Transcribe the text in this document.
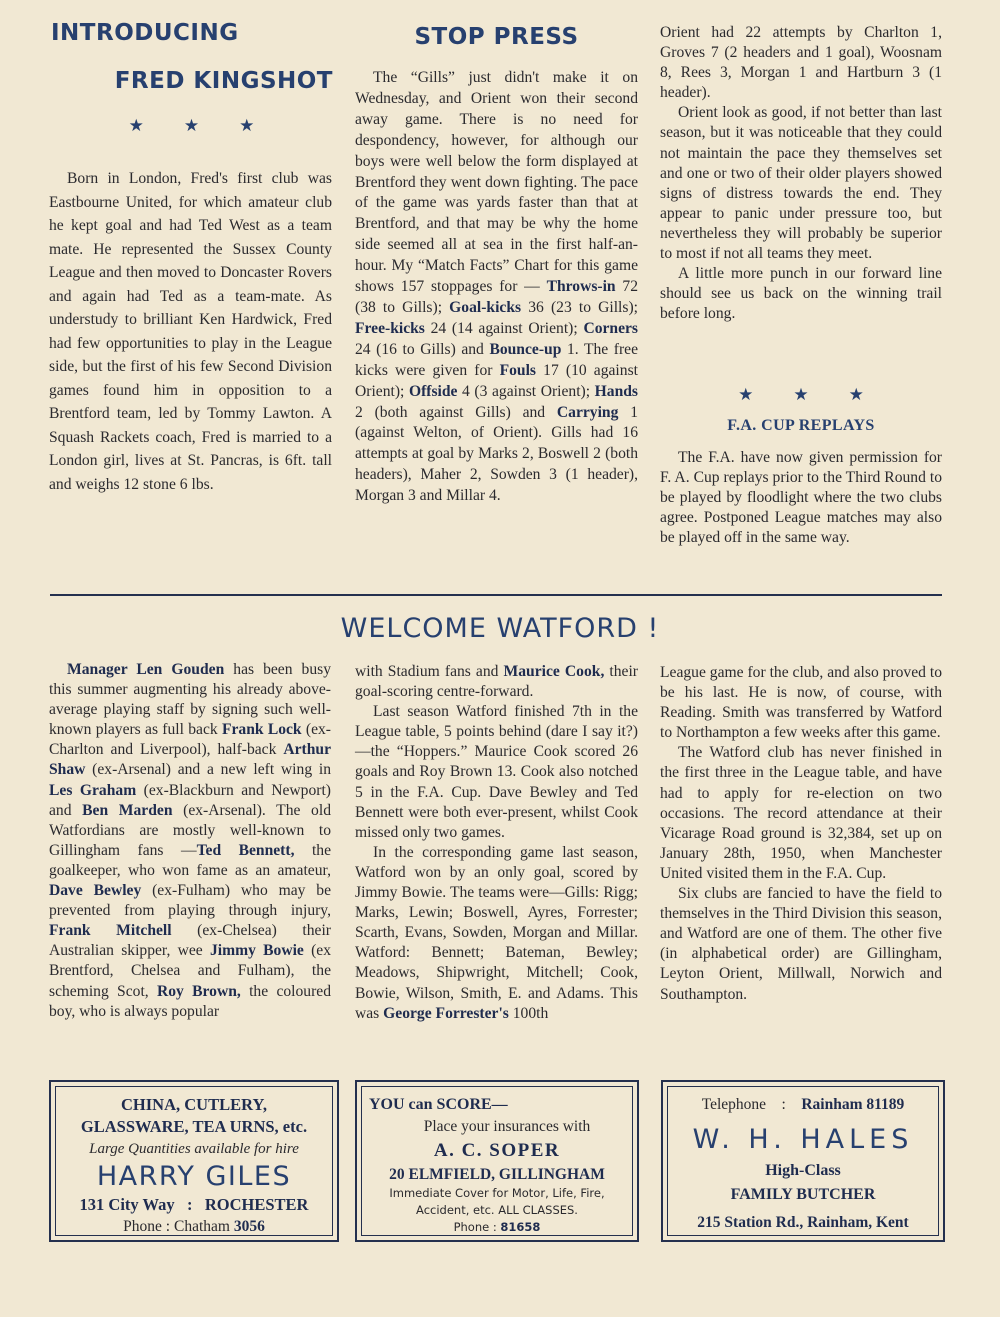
INTRODUCING
FRED KINGSHOT
★ ★ ★

Born in London, Fred's first club was Eastbourne United, for which amateur club he kept goal and had Ted West as a team mate. He represented the Sussex County League and then moved to Doncaster Rovers and again had Ted as a team-mate. As understudy to brilliant Ken Hardwick, Fred had few opportunities to play in the League side, but the first of his few Second Division games found him in opposition to a Brentford team, led by Tommy Lawton. A Squash Rackets coach, Fred is married to a London girl, lives at St. Pancras, is 6ft. tall and weighs 12 stone 6 lbs.

STOP PRESS

The “Gills” just didn't make it on Wednesday, and Orient won their second away game. There is no need for despondency, however, for although our boys were well below the form displayed at Brentford they went down fighting. The pace of the game was yards faster than that at Brentford, and that may be why the home side seemed all at sea in the first half-an-hour. My “Match Facts” Chart for this game shows 157 stoppages for — Throws-in 72 (38 to Gills); Goal-kicks 36 (23 to Gills); Free-kicks 24 (14 against Orient); Corners 24 (16 to Gills) and Bounce-up 1. The free kicks were given for Fouls 17 (10 against Orient); Offside 4 (3 against Orient); Hands 2 (both against Gills) and Carrying 1 (against Welton, of Orient). Gills had 16 attempts at goal by Marks 2, Boswell 2 (both headers), Maher 2, Sowden 3 (1 header), Morgan 3 and Millar 4.

Orient had 22 attempts by Charlton 1, Groves 7 (2 headers and 1 goal), Woosnam 8, Rees 3, Morgan 1 and Hartburn 3 (1 header).

Orient look as good, if not better than last season, but it was noticeable that they could not maintain the pace they themselves set and one or two of their older players showed signs of distress towards the end. They appear to panic under pressure too, but nevertheless they will probably be superior to most if not all teams they meet.

A little more punch in our forward line should see us back on the winning trail before long.

★ ★ ★
F.A. CUP REPLAYS

The F.A. have now given permission for F. A. Cup replays prior to the Third Round to be played by floodlight where the two clubs agree. Postponed League matches may also be played off in the same way.

WELCOME WATFORD !

Manager Len Gouden has been busy this summer augmenting his already above-average playing staff by signing such well-known players as full back Frank Lock (ex-Charlton and Liverpool), half-back Arthur Shaw (ex-Arsenal) and a new left wing in Les Graham (ex-Blackburn and Newport) and Ben Marden (ex-Arsenal). The old Watfordians are mostly well-known to Gillingham fans —Ted Bennett, the goalkeeper, who won fame as an amateur, Dave Bewley (ex-Fulham) who may be prevented from playing through injury, Frank Mitchell (ex-Chelsea) their Australian skipper, wee Jimmy Bowie (ex Brentford, Chelsea and Fulham), the scheming Scot, Roy Brown, the coloured boy, who is always popular

with Stadium fans and Maurice Cook, their goal-scoring centre-forward.

Last season Watford finished 7th in the League table, 5 points behind (dare I say it?)—the “Hoppers.” Maurice Cook scored 26 goals and Roy Brown 13. Cook also notched 5 in the F.A. Cup. Dave Bewley and Ted Bennett were both ever-present, whilst Cook missed only two games.

In the corresponding game last season, Watford won by an only goal, scored by Jimmy Bowie. The teams were—Gills: Rigg; Marks, Lewin; Boswell, Ayres, Forrester; Scarth, Evans, Sowden, Morgan and Millar. Watford: Bennett; Bateman, Bewley; Meadows, Shipwright, Mitchell; Cook, Bowie, Wilson, Smith, E. and Adams. This was George Forrester's 100th

League game for the club, and also proved to be his last. He is now, of course, with Reading. Smith was transferred by Watford to Northampton a few weeks after this game.

The Watford club has never finished in the first three in the League table, and have had to apply for re-election on two occasions. The record attendance at their Vicarage Road ground is 32,384, set up on January 28th, 1950, when Manchester United visited them in the F.A. Cup.

Six clubs are fancied to have the field to themselves in the Third Division this season, and Watford are one of them. The other five (in alphabetical order) are Gillingham, Leyton Orient, Millwall, Norwich and Southampton.

CHINA, CUTLERY,
GLASSWARE, TEA URNS, etc.
Large Quantities available for hire
HARRY GILES
131 City Way : ROCHESTER
Phone : Chatham 3056
YOU can SCORE—
Place your insurances with
A. C. SOPER
20 ELMFIELD, GILLINGHAM
Immediate Cover for Motor, Life, Fire,
Accident, etc. ALL CLASSES.
Phone : 81658
Telephone : Rainham 81189
W. H. HALES
High-Class
FAMILY BUTCHER
215 Station Rd., Rainham, Kent
